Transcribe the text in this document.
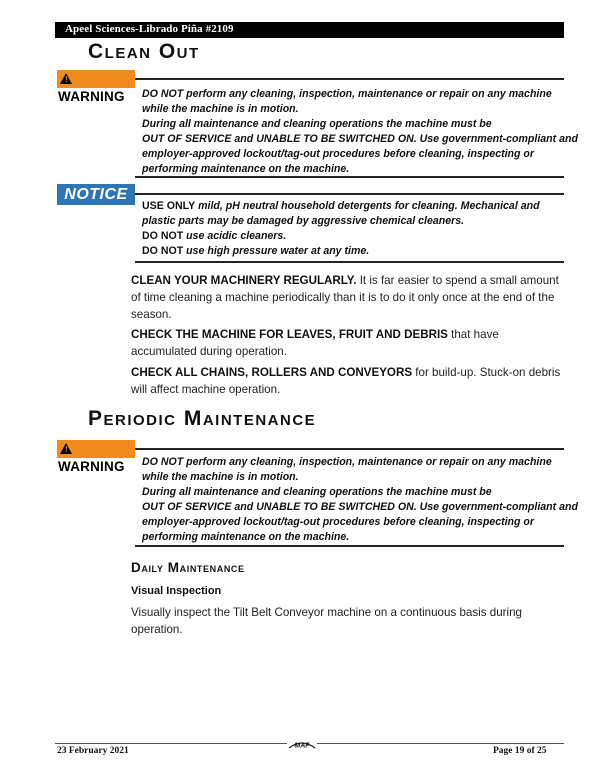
Apeel Sciences-Librado Piña #2109
Clean Out
!
WARNING	DO NOT perform any cleaning, inspection, maintenance or repair on any machine
while the machine is in motion.
During all maintenance and cleaning operations the machine must be
OUT OF SERVICE and UNABLE TO BE SWITCHED ON. Use government-compliant and
employer-approved lockout/tag-out procedures before cleaning, inspecting or
performing maintenance on the machine.
NOTICE
USE ONLY mild, pH neutral household detergents for cleaning. Mechanical and
plastic parts may be damaged by aggressive chemical cleaners.
DO NOT use acidic cleaners.
DO NOT use high pressure water at any time.
CLEAN YOUR MACHINERY REGULARLY. It is far easier to spend a small amount of time cleaning a machine periodically than it is to do it only once at the end of the season.
CHECK THE MACHINE FOR LEAVES, FRUIT AND DEBRIS that have accumulated during operation.
CHECK ALL CHAINS, ROLLERS AND CONVEYORS for build-up. Stuck-on debris will affect machine operation.
Periodic Maintenance
!
WARNING	DO NOT perform any cleaning, inspection, maintenance or repair on any machine
while the machine is in motion.
During all maintenance and cleaning operations the machine must be
OUT OF SERVICE and UNABLE TO BE SWITCHED ON. Use government-compliant and
employer-approved lockout/tag-out procedures before cleaning, inspecting or
performing maintenance on the machine.
Daily Maintenance
Visual Inspection
Visually inspect the Tilt Belt Conveyor machine on a continuous basis during operation.
23 February 2021	MAF	Page 19 of 25
